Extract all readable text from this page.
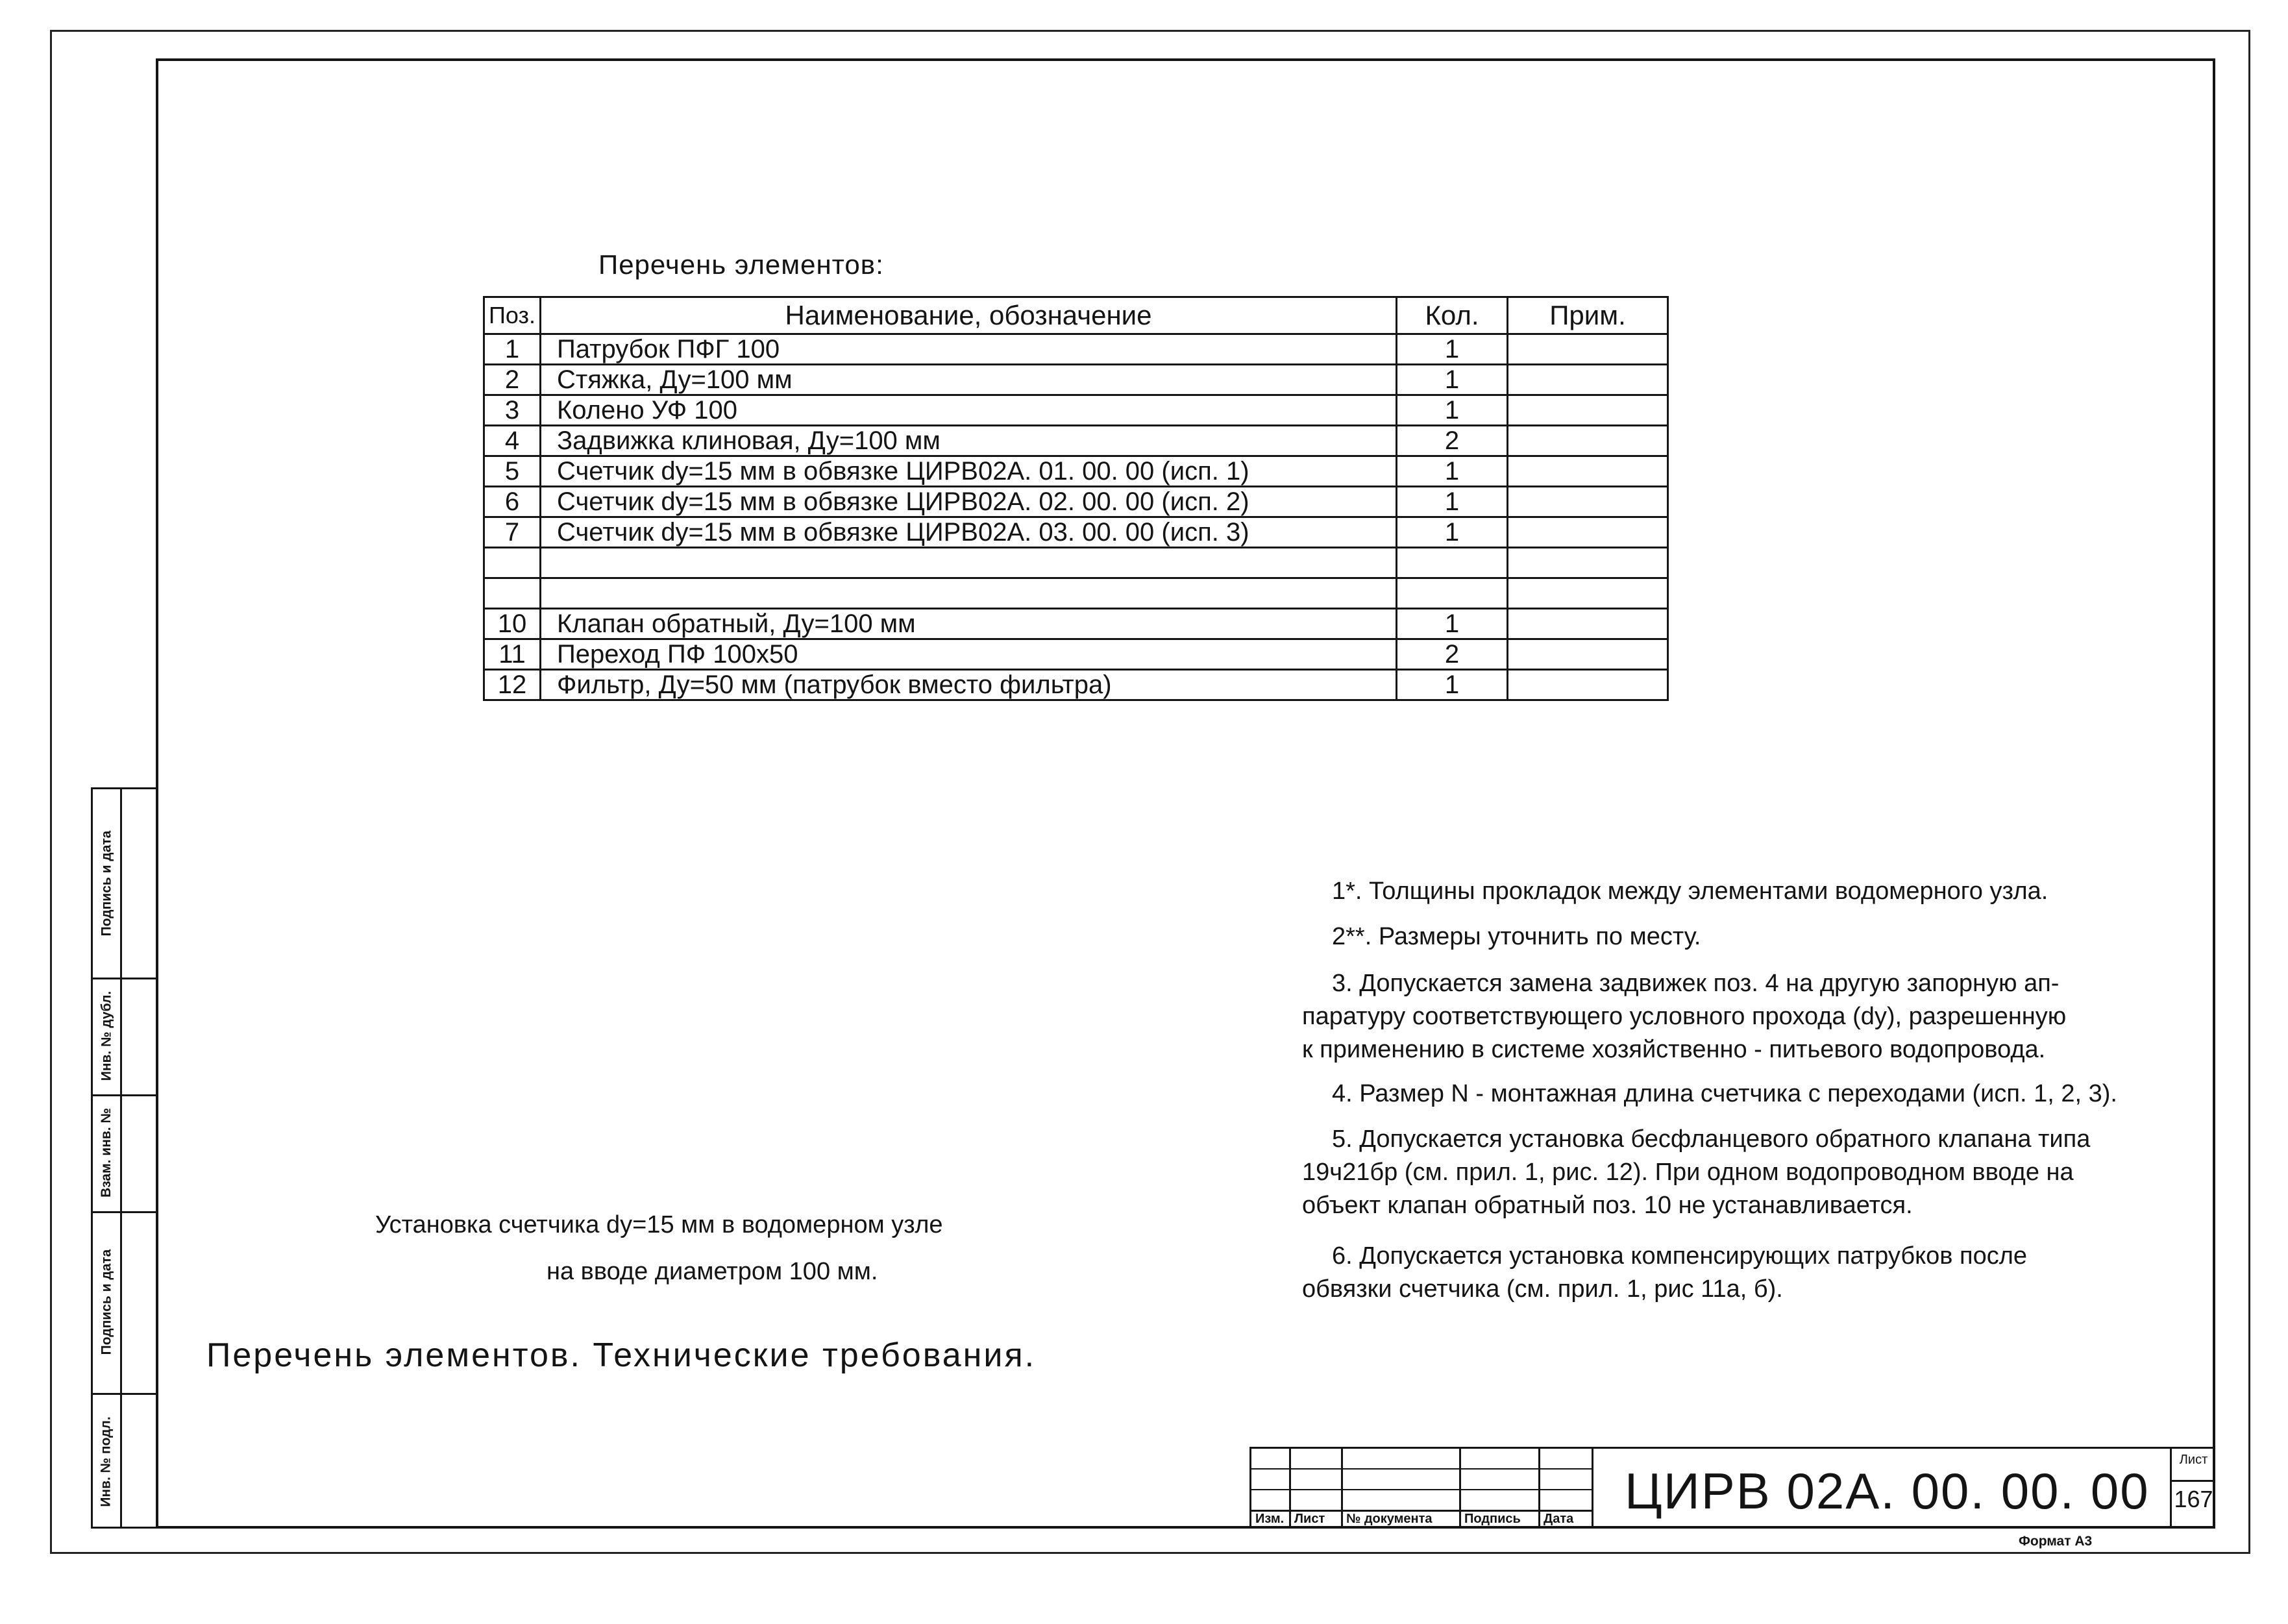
Инв. № подл.
Подпись и дата
Взам. инв. №
Инв. № дубл.
Подпись и дата
Перечень элементов:
Поз.	Наименование, обозначение	Кол.	Прим.
1	Патрубок ПФГ 100	1	
2	Стяжка, Ду=100 мм	1	
3	Колено УФ 100	1	
4	Задвижка клиновая, Ду=100 мм	2	
5	Счетчик dy=15 мм в обвязке ЦИРВ02А. 01. 00. 00 (исп. 1)	1	
6	Счетчик dy=15 мм в обвязке ЦИРВ02А. 02. 00. 00 (исп. 2)	1	
7	Счетчик dy=15 мм в обвязке ЦИРВ02А. 03. 00. 00 (исп. 3)	1	

10	Клапан обратный, Ду=100 мм	1	
11	Переход ПФ 100х50	2	
12	Фильтр, Ду=50 мм (патрубок вместо фильтра)	1	
1*. Толщины прокладок между элементами водомерного узла.
2**. Размеры уточнить по месту.
3. Допускается замена задвижек поз. 4 на другую запорную ап-
паратуру соответствующего условного прохода (dy), разрешенную
к применению в системе хозяйственно - питьевого водопровода.
4. Размер N - монтажная длина счетчика с переходами (исп. 1, 2, 3).
5. Допускается установка бесфланцевого обратного клапана типа
19ч21бр (см. прил. 1, рис. 12). При одном водопроводном вводе на
объект клапан обратный поз. 10 не устанавливается.
6. Допускается установка компенсирующих патрубков после
обвязки счетчика (см. прил. 1, рис 11а, б).
Установка счетчика dy=15 мм в водомерном узле
на вводе диаметром 100 мм.
Перечень элементов. Технические требования.
Изм. Лист № документа Подпись Дата ЦИРВ 02А. 00. 00. 00
Лист
167
Формат А3
